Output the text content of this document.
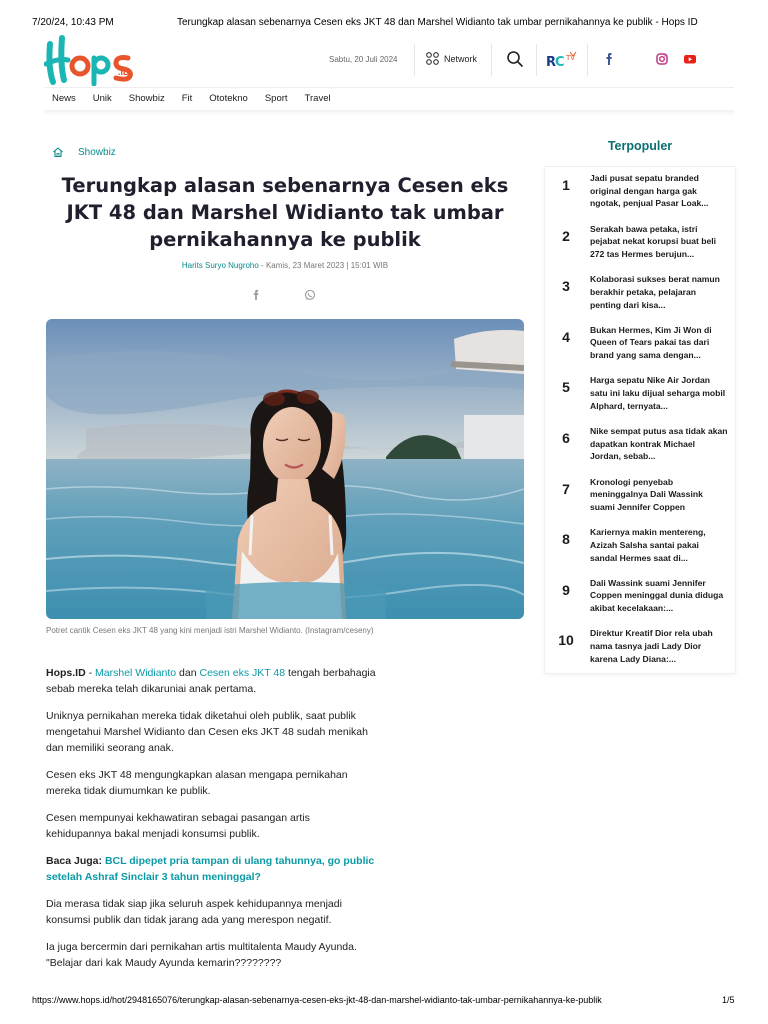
7/20/24, 10:43 PM	Terungkap alasan sebenarnya Cesen eks JKT 48 dan Marshel Widianto tak umbar pernikahannya ke publik - Hops ID
.ID
Sabtu, 20 Juli 2024	Network	R
C TV
News Unik Showbiz Fit Ototekno Sport Travel
Showbiz
Terungkap alasan sebenarnya Cesen eks JKT 48 dan Marshel Widianto tak umbar pernikahannya ke publik
Harits Suryo Nugroho - Kamis, 23 Maret 2023 | 15:01 WIB
Potret cantik Cesen eks JKT 48 yang kini menjadi istri Marshel Widianto. (Instagram/ceseny)

Hops.ID - Marshel Widianto dan Cesen eks JKT 48 tengah berbahagia sebab mereka telah dikaruniai anak pertama.

Uniknya pernikahan mereka tidak diketahui oleh publik, saat publik mengetahui Marshel Widianto dan Cesen eks JKT 48 sudah menikah dan memiliki seorang anak.

Cesen eks JKT 48 mengungkapkan alasan mengapa pernikahan mereka tidak diumumkan ke publik.

Cesen mempunyai kekhawatiran sebagai pasangan artis kehidupannya bakal menjadi konsumsi publik.

Baca Juga: BCL dipepet pria tampan di ulang tahunnya, go public setelah Ashraf Sinclair 3 tahun meninggal?

Dia merasa tidak siap jika seluruh aspek kehidupannya menjadi konsumsi publik dan tidak jarang ada yang merespon negatif.

Ia juga bercermin dari pernikahan artis multitalenta Maudy Ayunda. "Belajar dari kak Maudy Ayunda kemarin????????

Terpopuler
1	Jadi pusat sepatu branded original dengan harga gak ngotak, penjual Pasar Loak...
2	Serakah bawa petaka, istri pejabat nekat korupsi buat beli 272 tas Hermes berujun...
3	Kolaborasi sukses berat namun berakhir petaka, pelajaran penting dari kisa...
4	Bukan Hermes, Kim Ji Won di Queen of Tears pakai tas dari brand yang sama dengan...
5	Harga sepatu Nike Air Jordan satu ini laku dijual seharga mobil Alphard, ternyata...
6	Nike sempat putus asa tidak akan dapatkan kontrak Michael Jordan, sebab...
7	Kronologi penyebab meninggalnya Dali Wassink suami Jennifer Coppen
8	Kariernya makin mentereng, Azizah Salsha santai pakai sandal Hermes saat di...
9	Dali Wassink suami Jennifer Coppen meninggal dunia diduga akibat kecelakaan:...
10	Direktur Kreatif Dior rela ubah nama tasnya jadi Lady Dior karena Lady Diana:...
https://www.hops.id/hot/2948165076/terungkap-alasan-sebenarnya-cesen-eks-jkt-48-dan-marshel-widianto-tak-umbar-pernikahannya-ke-publik	1/5
